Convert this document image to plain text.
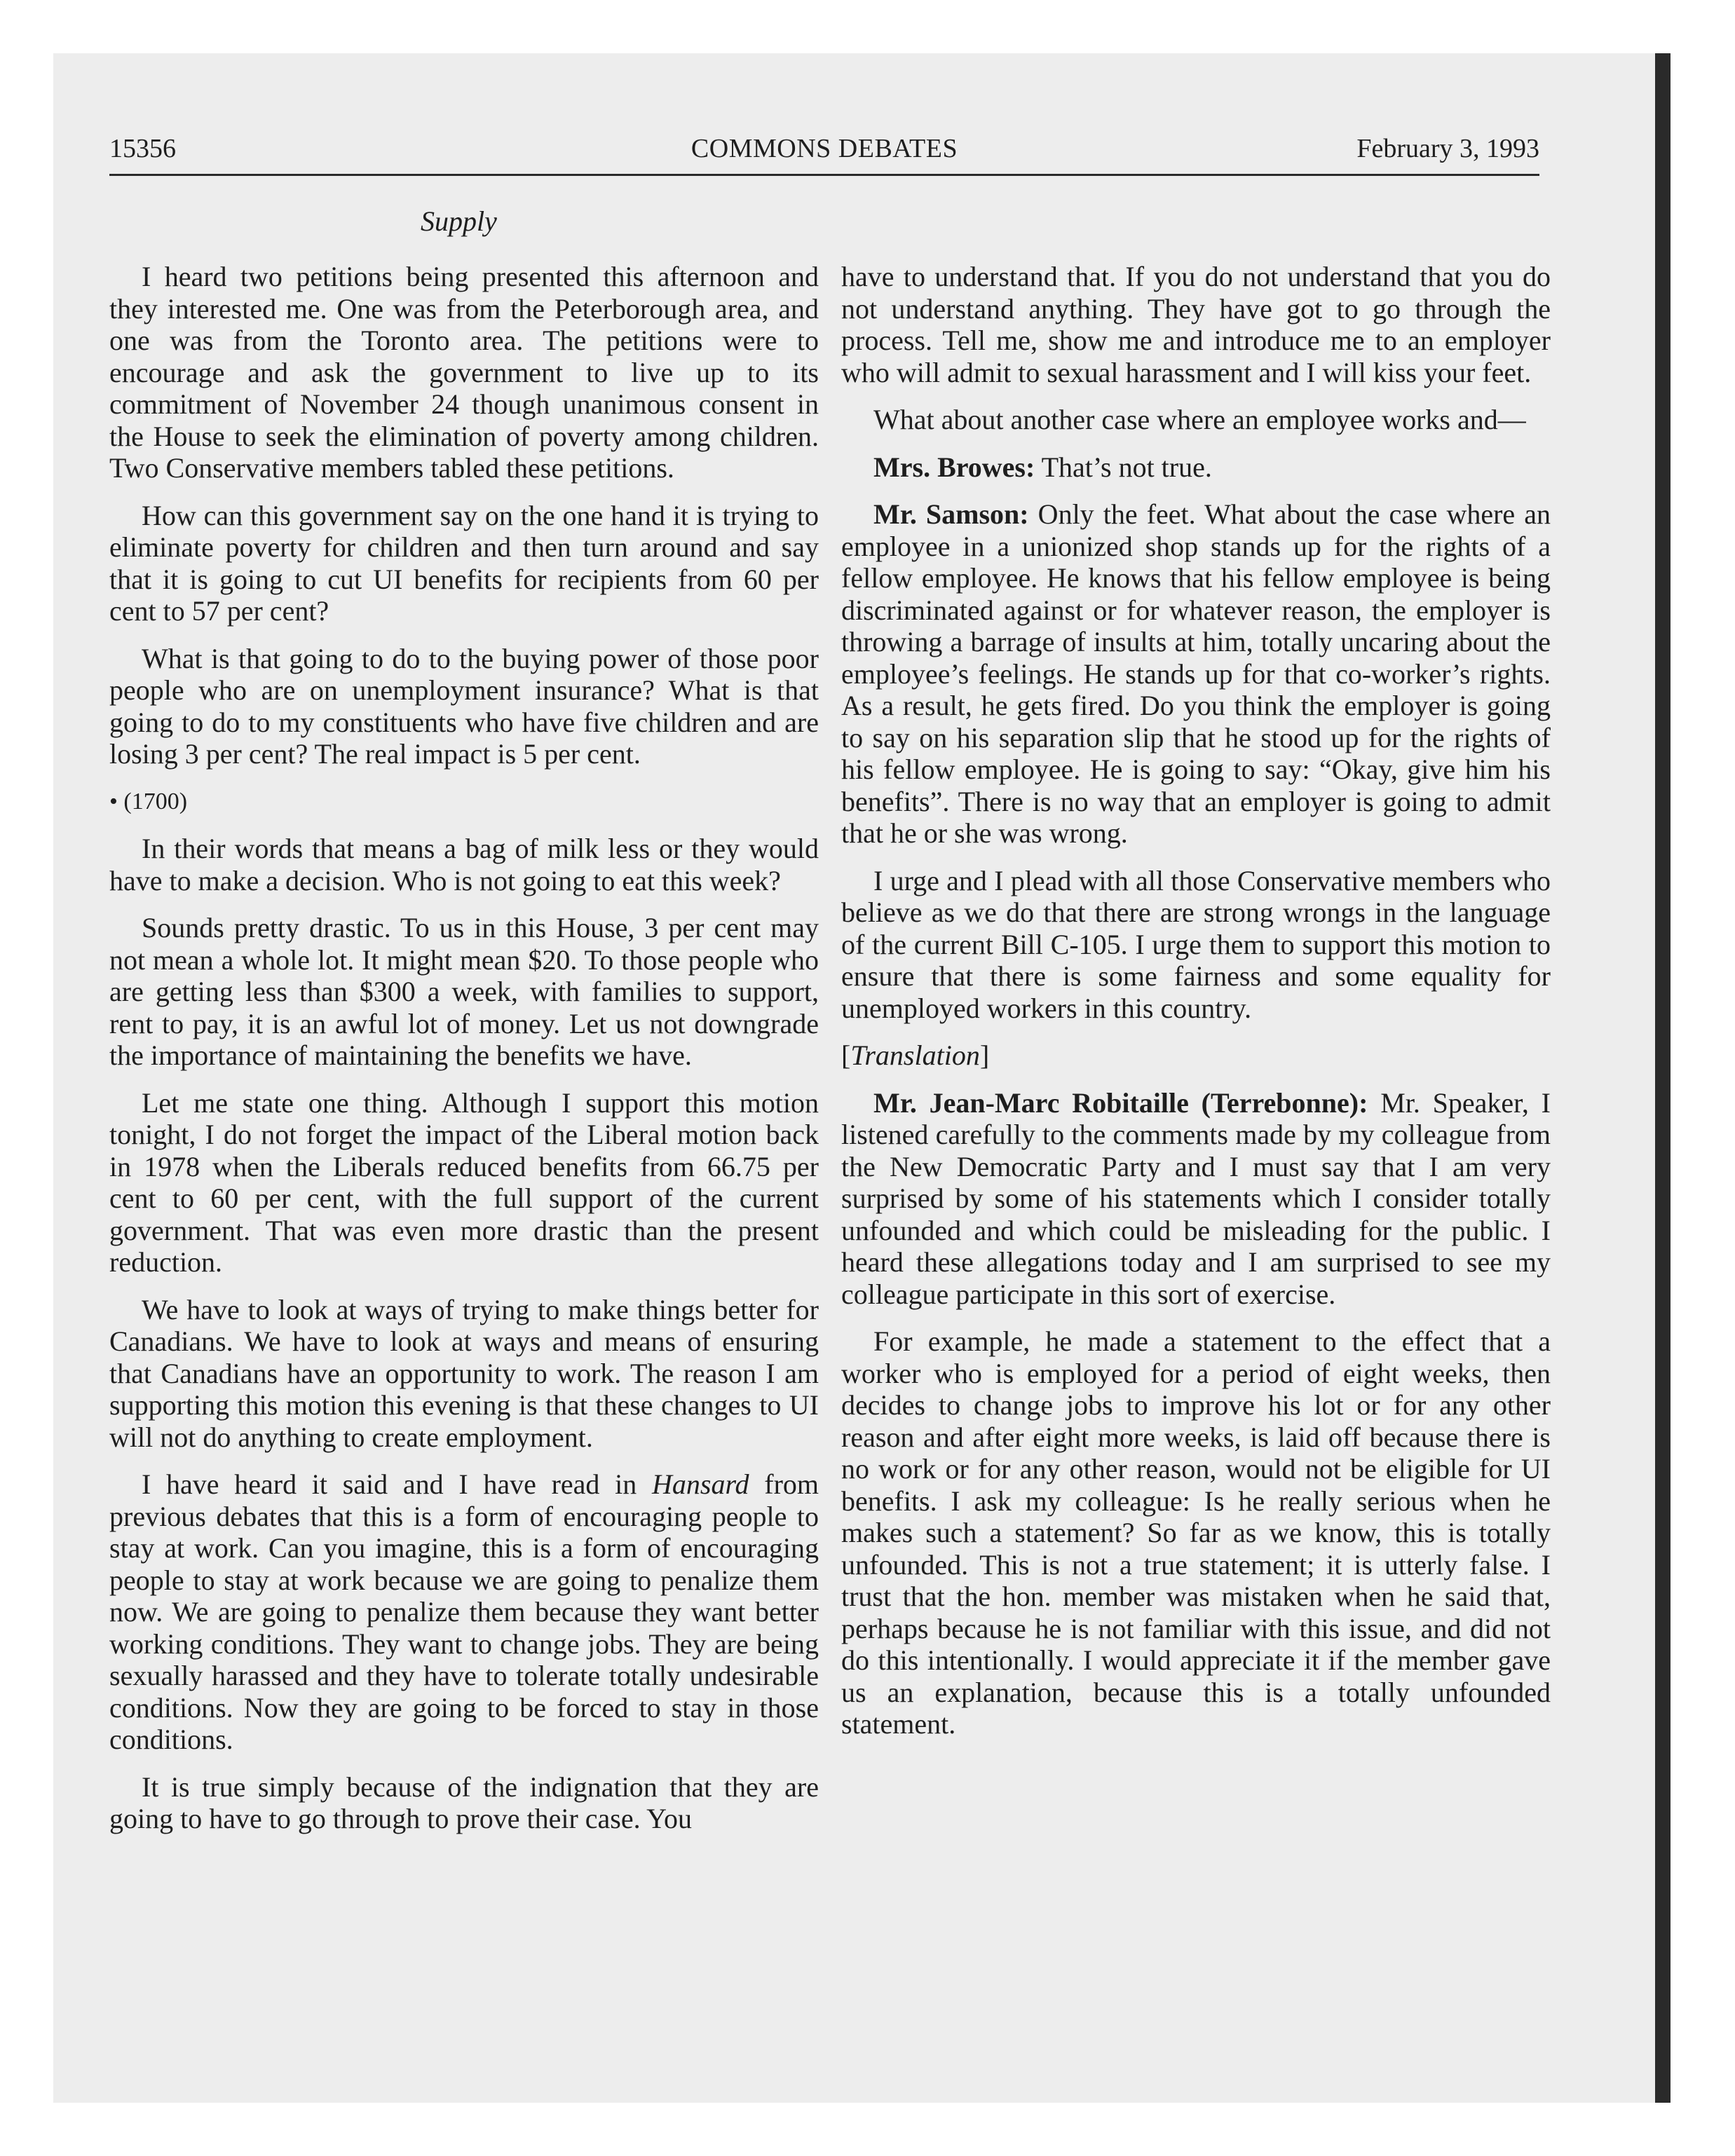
15356	COMMONS DEBATES	February 3, 1993
Supply

I heard two petitions being presented this afternoon and they interested me. One was from the Peterborough area, and one was from the Toronto area. The petitions were to encourage and ask the government to live up to its commitment of November 24 though unanimous consent in the House to seek the elimination of poverty among children. Two Conservative members tabled these petitions.

How can this government say on the one hand it is trying to eliminate poverty for children and then turn around and say that it is going to cut UI benefits for recipients from 60 per cent to 57 per cent?

What is that going to do to the buying power of those poor people who are on unemployment insurance? What is that going to do to my constituents who have five children and are losing 3 per cent? The real impact is 5 per cent.

• (1700)

In their words that means a bag of milk less or they would have to make a decision. Who is not going to eat this week?

Sounds pretty drastic. To us in this House, 3 per cent may not mean a whole lot. It might mean $20. To those people who are getting less than $300 a week, with families to support, rent to pay, it is an awful lot of money. Let us not downgrade the importance of maintaining the benefits we have.

Let me state one thing. Although I support this motion tonight, I do not forget the impact of the Liberal motion back in 1978 when the Liberals reduced benefits from 66.75 per cent to 60 per cent, with the full support of the current government. That was even more drastic than the present reduction.

We have to look at ways of trying to make things better for Canadians. We have to look at ways and means of ensuring that Canadians have an opportunity to work. The reason I am supporting this motion this evening is that these changes to UI will not do anything to create employment.

I have heard it said and I have read in Hansard from previous debates that this is a form of encouraging people to stay at work. Can you imagine, this is a form of encouraging people to stay at work because we are going to penalize them now. We are going to penalize them because they want better working conditions. They want to change jobs. They are being sexually harassed and they have to tolerate totally undesirable conditions. Now they are going to be forced to stay in those conditions.

It is true simply because of the indignation that they are going to have to go through to prove their case. You

have to understand that. If you do not understand that you do not understand anything. They have got to go through the process. Tell me, show me and introduce me to an employer who will admit to sexual harassment and I will kiss your feet.

What about another case where an employee works and—

Mrs. Browes: That’s not true.

Mr. Samson: Only the feet. What about the case where an employee in a unionized shop stands up for the rights of a fellow employee. He knows that his fellow employee is being discriminated against or for whatever reason, the employer is throwing a barrage of insults at him, totally uncaring about the employee’s feelings. He stands up for that co-worker’s rights. As a result, he gets fired. Do you think the employer is going to say on his separation slip that he stood up for the rights of his fellow employee. He is going to say: “Okay, give him his benefits”. There is no way that an employer is going to admit that he or she was wrong.

I urge and I plead with all those Conservative members who believe as we do that there are strong wrongs in the language of the current Bill C-105. I urge them to support this motion to ensure that there is some fairness and some equality for unemployed workers in this country.

[Translation]

Mr. Jean-Marc Robitaille (Terrebonne): Mr. Speaker, I listened carefully to the comments made by my colleague from the New Democratic Party and I must say that I am very surprised by some of his statements which I consider totally unfounded and which could be misleading for the public. I heard these allegations today and I am surprised to see my colleague participate in this sort of exercise.

For example, he made a statement to the effect that a worker who is employed for a period of eight weeks, then decides to change jobs to improve his lot or for any other reason and after eight more weeks, is laid off because there is no work or for any other reason, would not be eligible for UI benefits. I ask my colleague: Is he really serious when he makes such a statement? So far as we know, this is totally unfounded. This is not a true statement; it is utterly false. I trust that the hon. member was mistaken when he said that, perhaps because he is not familiar with this issue, and did not do this intentionally. I would appreciate it if the member gave us an explanation, because this is a totally unfounded statement.
